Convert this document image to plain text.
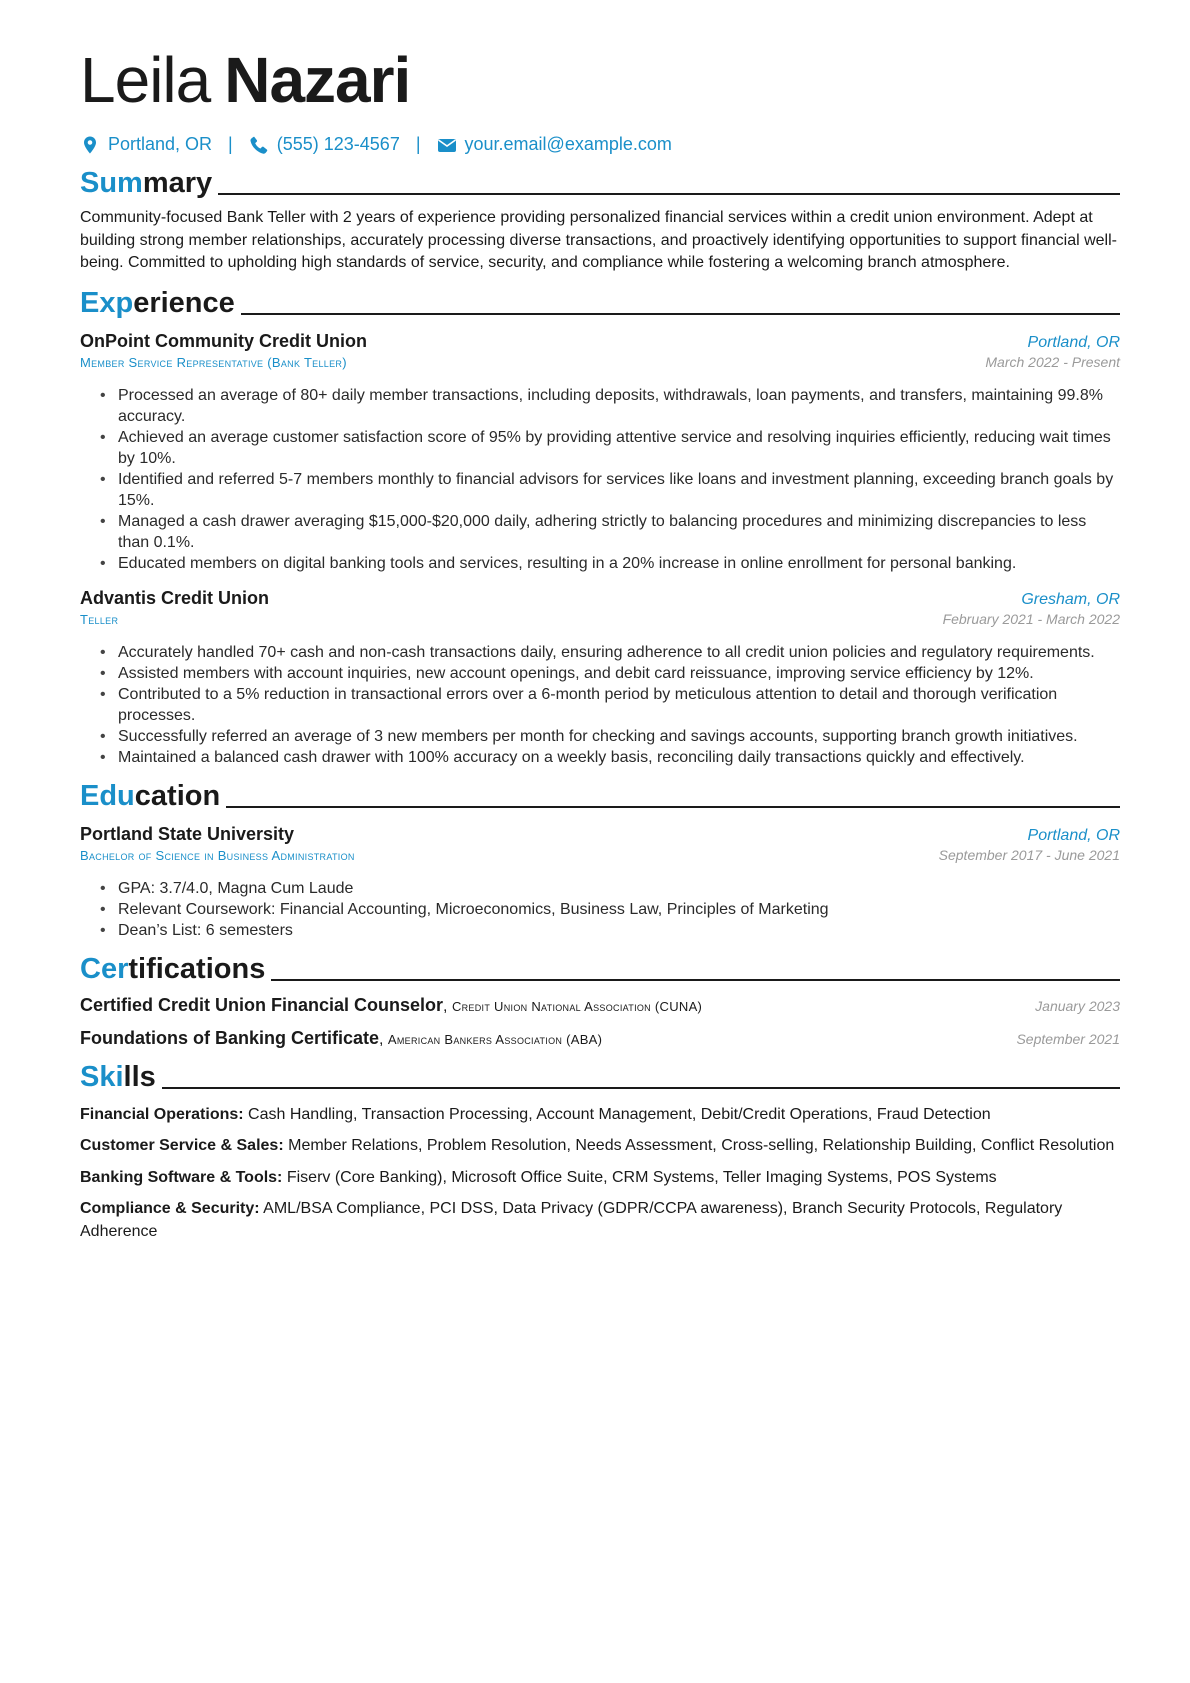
Leila Nazari
Portland, OR | (555) 123-4567 | your.email@example.com
Summary

Community-focused Bank Teller with 2 years of experience providing personalized financial services within a credit union environment. Adept at building strong member relationships, accurately processing diverse transactions, and proactively identifying opportunities to support financial well-being. Committed to upholding high standards of service, security, and compliance while fostering a welcoming branch atmosphere.

Experience
OnPoint Community Credit Union	Portland, OR
Member Service Representative (Bank Teller)	March 2022 - Present
• Processed an average of 80+ daily member transactions, including deposits, withdrawals, loan payments, and transfers, maintaining 99.8% accuracy.
• Achieved an average customer satisfaction score of 95% by providing attentive service and resolving inquiries efficiently, reducing wait times by 10%.
• Identified and referred 5-7 members monthly to financial advisors for services like loans and investment planning, exceeding branch goals by 15%.
• Managed a cash drawer averaging $15,000-$20,000 daily, adhering strictly to balancing procedures and minimizing discrepancies to less than 0.1%.
• Educated members on digital banking tools and services, resulting in a 20% increase in online enrollment for personal banking.
Advantis Credit Union	Gresham, OR
Teller	February 2021 - March 2022
• Accurately handled 70+ cash and non-cash transactions daily, ensuring adherence to all credit union policies and regulatory requirements.
• Assisted members with account inquiries, new account openings, and debit card reissuance, improving service efficiency by 12%.
• Contributed to a 5% reduction in transactional errors over a 6-month period by meticulous attention to detail and thorough verification processes.
• Successfully referred an average of 3 new members per month for checking and savings accounts, supporting branch growth initiatives.
• Maintained a balanced cash drawer with 100% accuracy on a weekly basis, reconciling daily transactions quickly and effectively.
Education
Portland State University	Portland, OR
Bachelor of Science in Business Administration	September 2017 - June 2021
• GPA: 3.7/4.0, Magna Cum Laude
• Relevant Coursework: Financial Accounting, Microeconomics, Business Law, Principles of Marketing
• Dean’s List: 6 semesters
Certifications
Certified Credit Union Financial Counselor, Credit Union National Association (CUNA)	January 2023
Foundations of Banking Certificate, American Bankers Association (ABA)	September 2021
Skills
Financial Operations: Cash Handling, Transaction Processing, Account Management, Debit/Credit Operations, Fraud Detection
Customer Service & Sales: Member Relations, Problem Resolution, Needs Assessment, Cross-selling, Relationship Building, Conflict Resolution
Banking Software & Tools: Fiserv (Core Banking), Microsoft Office Suite, CRM Systems, Teller Imaging Systems, POS Systems
Compliance & Security: AML/BSA Compliance, PCI DSS, Data Privacy (GDPR/CCPA awareness), Branch Security Protocols, Regulatory Adherence
